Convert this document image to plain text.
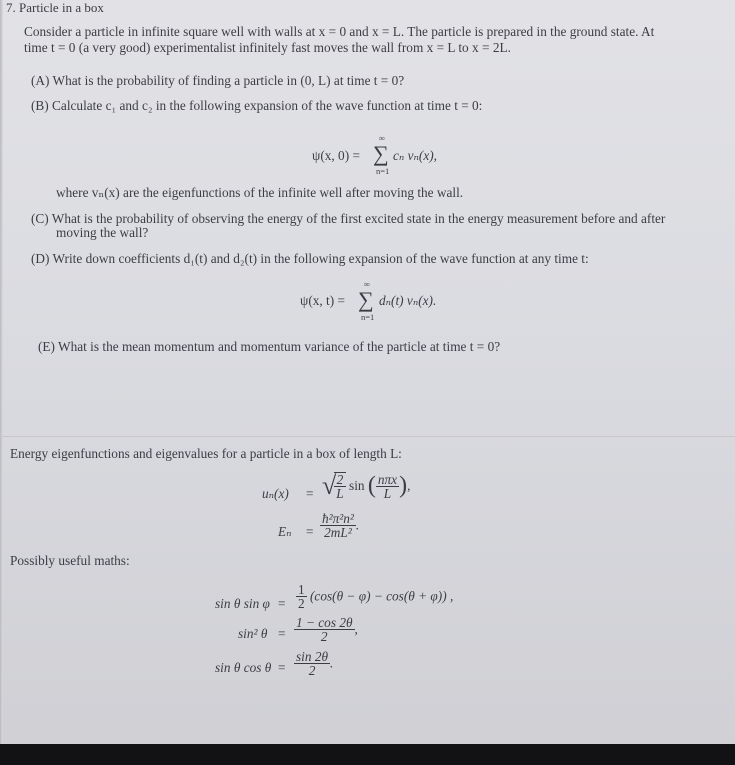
7. Particle in a box
Consider a particle in infinite square well with walls at x = 0 and x = L. The particle is prepared in the ground state. At
time t = 0 (a very good) experimentalist infinitely fast moves the wall from x = L to x = 2L.
(A) What is the probability of finding a particle in (0, L) at time t = 0?
(B) Calculate c₁ and c₂ in the following expansion of the wave function at time t = 0:
ψ(x, 0) =
∞
∑
n=1
cₙ vₙ(x),
where vₙ(x) are the eigenfunctions of the infinite well after moving the wall.
(C) What is the probability of observing the energy of the first excited state in the energy measurement before and after
moving the wall?
(D) Write down coefficients d₁(t) and d₂(t) in the following expansion of the wave function at any time t:
ψ(x, t) =
∞
∑
n=1
dₙ(t) vₙ(x).
(E) What is the mean momentum and momentum variance of the particle at time t = 0?
Energy eigenfunctions and eigenvalues for a particle in a box of length L:
uₙ(x) = √
$\frac{2}{L}$ sin ( $\frac{\text{nπx}}{L}$ ),
$E_n = \frac{\text{ħ²π²n²}}{\text{2mL²}}$ .
Possibly useful maths:
sin θ $\sin \varphi = \frac{1}{2} (\cos(\theta - \varphi) - \cos(\theta + \varphi))$ ,
sin² $\theta = \frac{1 - \cos 2\theta}{2}$ ,
sin θ $\cos \theta = \frac{\sin 2\theta}{2}$ .
